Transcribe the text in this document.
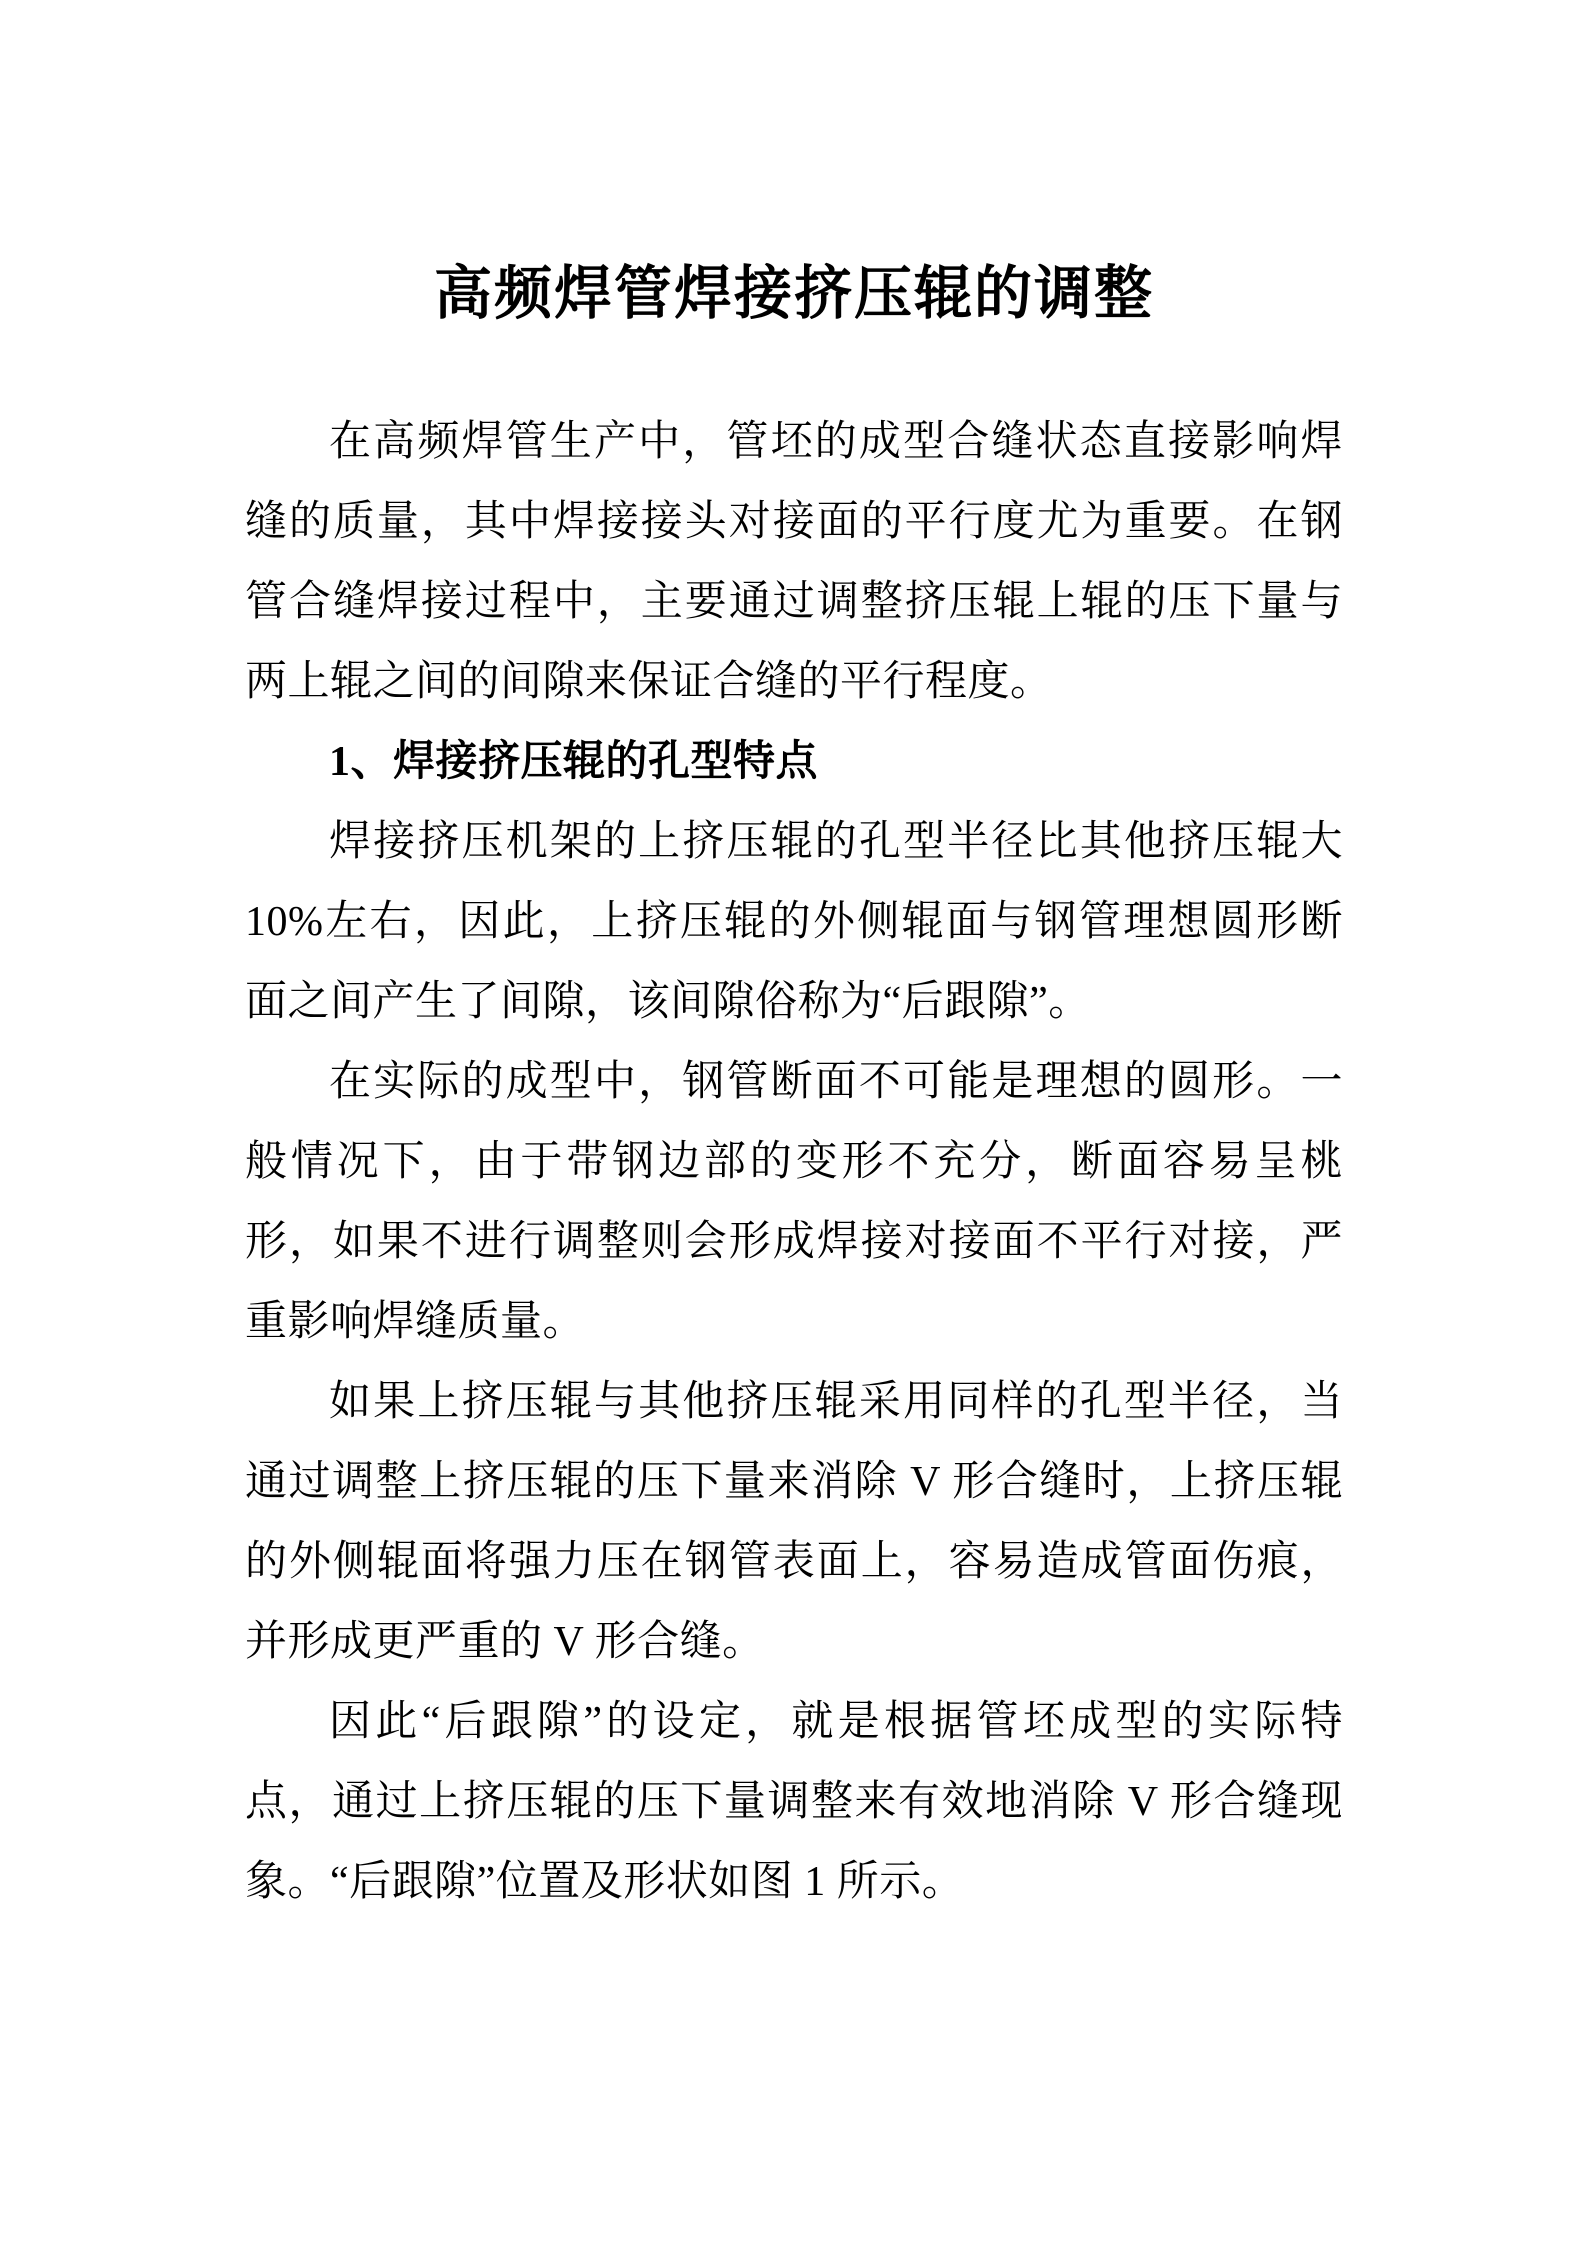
高频焊管焊接挤压辊的调整

在高频焊管生产中，管坯的成型合缝状态直接影响焊缝的质量，其中焊接接头对接面的平行度尤为重要。在钢管合缝焊接过程中，主要通过调整挤压辊上辊的压下量与两上辊之间的间隙来保证合缝的平行程度。

1、焊接挤压辊的孔型特点

焊接挤压机架的上挤压辊的孔型半径比其他挤压辊大10%左右，因此，上挤压辊的外侧辊面与钢管理想圆形断面之间产生了间隙，该间隙俗称为“后跟隙”。

在实际的成型中，钢管断面不可能是理想的圆形。一般情况下，由于带钢边部的变形不充分，断面容易呈桃形，如果不进行调整则会形成焊接对接面不平行对接，严重影响焊缝质量。

如果上挤压辊与其他挤压辊采用同样的孔型半径，当通过调整上挤压辊的压下量来消除 V 形合缝时，上挤压辊的外侧辊面将强力压在钢管表面上，容易造成管面伤痕，并形成更严重的 V 形合缝。

因此“后跟隙”的设定，就是根据管坯成型的实际特点，通过上挤压辊的压下量调整来有效地消除 V 形合缝现象。“后跟隙”位置及形状如图 1 所示。
